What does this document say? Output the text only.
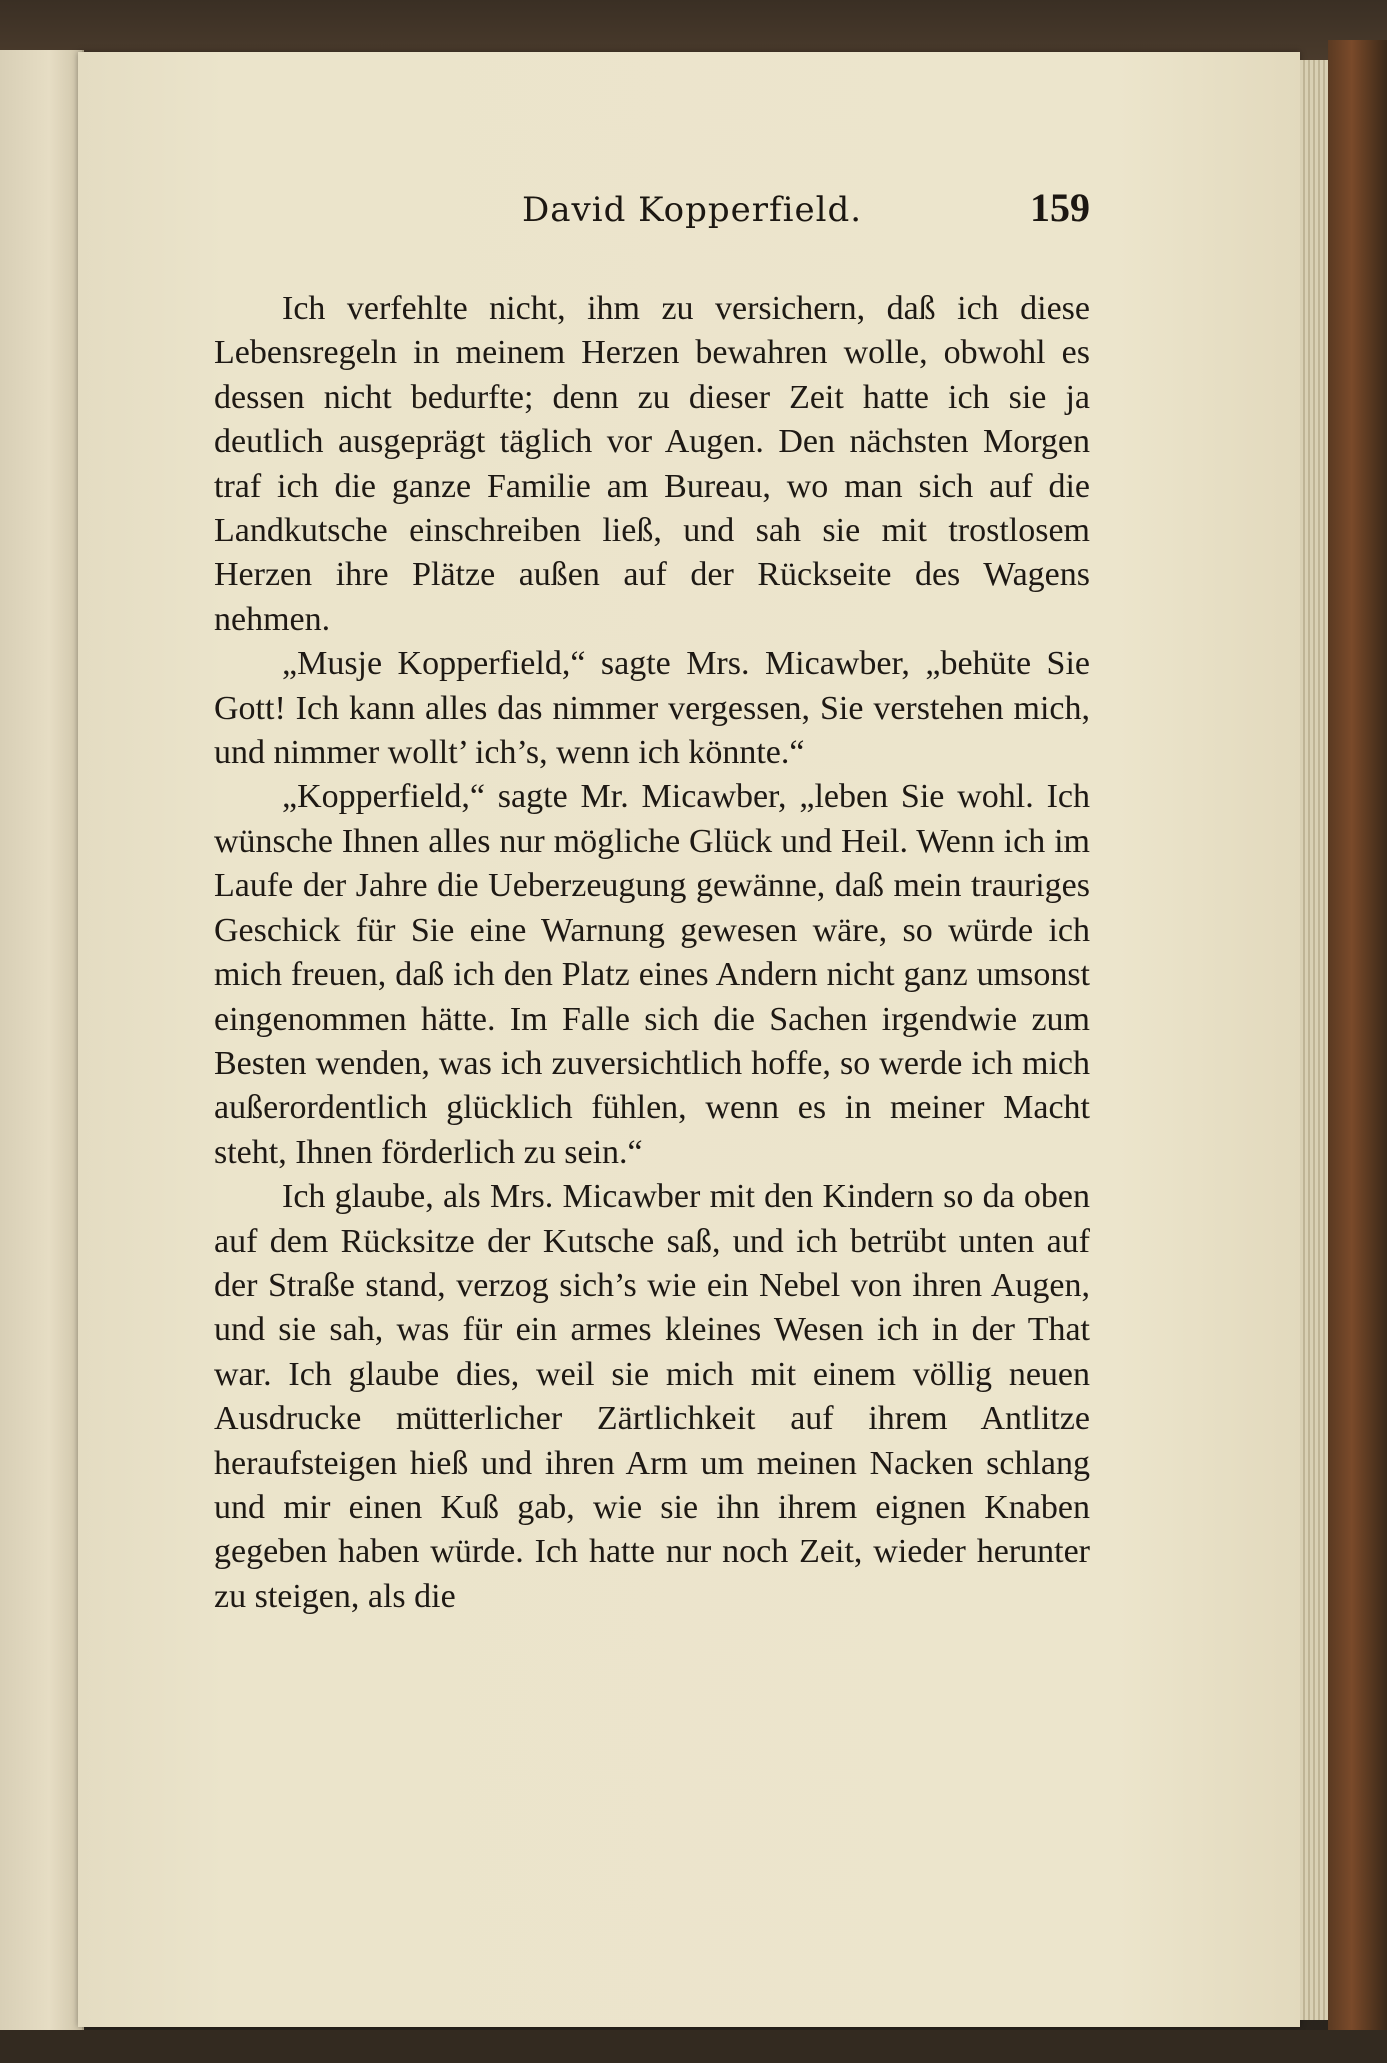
David Kopperfield.	159

Ich verfehlte nicht, ihm zu versichern, daß ich diese Lebensregeln in meinem Herzen bewahren wolle, obwohl es dessen nicht bedurfte; denn zu dieser Zeit hatte ich sie ja deutlich ausgeprägt täglich vor Augen. Den nächsten Morgen traf ich die ganze Familie am Bureau, wo man sich auf die Landkutsche einschreiben ließ, und sah sie mit trostlosem Herzen ihre Plätze außen auf der Rückseite des Wagens nehmen.

„Musje Kopperfield,“ sagte Mrs. Micawber, „behüte Sie Gott! Ich kann alles das nimmer vergessen, Sie verstehen mich, und nimmer wollt’ ich’s, wenn ich könnte.“

„Kopperfield,“ sagte Mr. Micawber, „leben Sie wohl. Ich wünsche Ihnen alles nur mögliche Glück und Heil. Wenn ich im Laufe der Jahre die Ueberzeugung gewänne, daß mein trauriges Geschick für Sie eine Warnung gewesen wäre, so würde ich mich freuen, daß ich den Platz eines Andern nicht ganz umsonst eingenommen hätte. Im Falle sich die Sachen irgendwie zum Besten wenden, was ich zuversichtlich hoffe, so werde ich mich außerordentlich glücklich fühlen, wenn es in meiner Macht steht, Ihnen förderlich zu sein.“

Ich glaube, als Mrs. Micawber mit den Kindern so da oben auf dem Rücksitze der Kutsche saß, und ich betrübt unten auf der Straße stand, verzog sich’s wie ein Nebel von ihren Augen, und sie sah, was für ein armes kleines Wesen ich in der That war. Ich glaube dies, weil sie mich mit einem völlig neuen Ausdrucke mütterlicher Zärtlichkeit auf ihrem Antlitze heraufsteigen hieß und ihren Arm um meinen Nacken schlang und mir einen Kuß gab, wie sie ihn ihrem eignen Knaben gegeben haben würde. Ich hatte nur noch Zeit, wieder herunter zu steigen, als die
